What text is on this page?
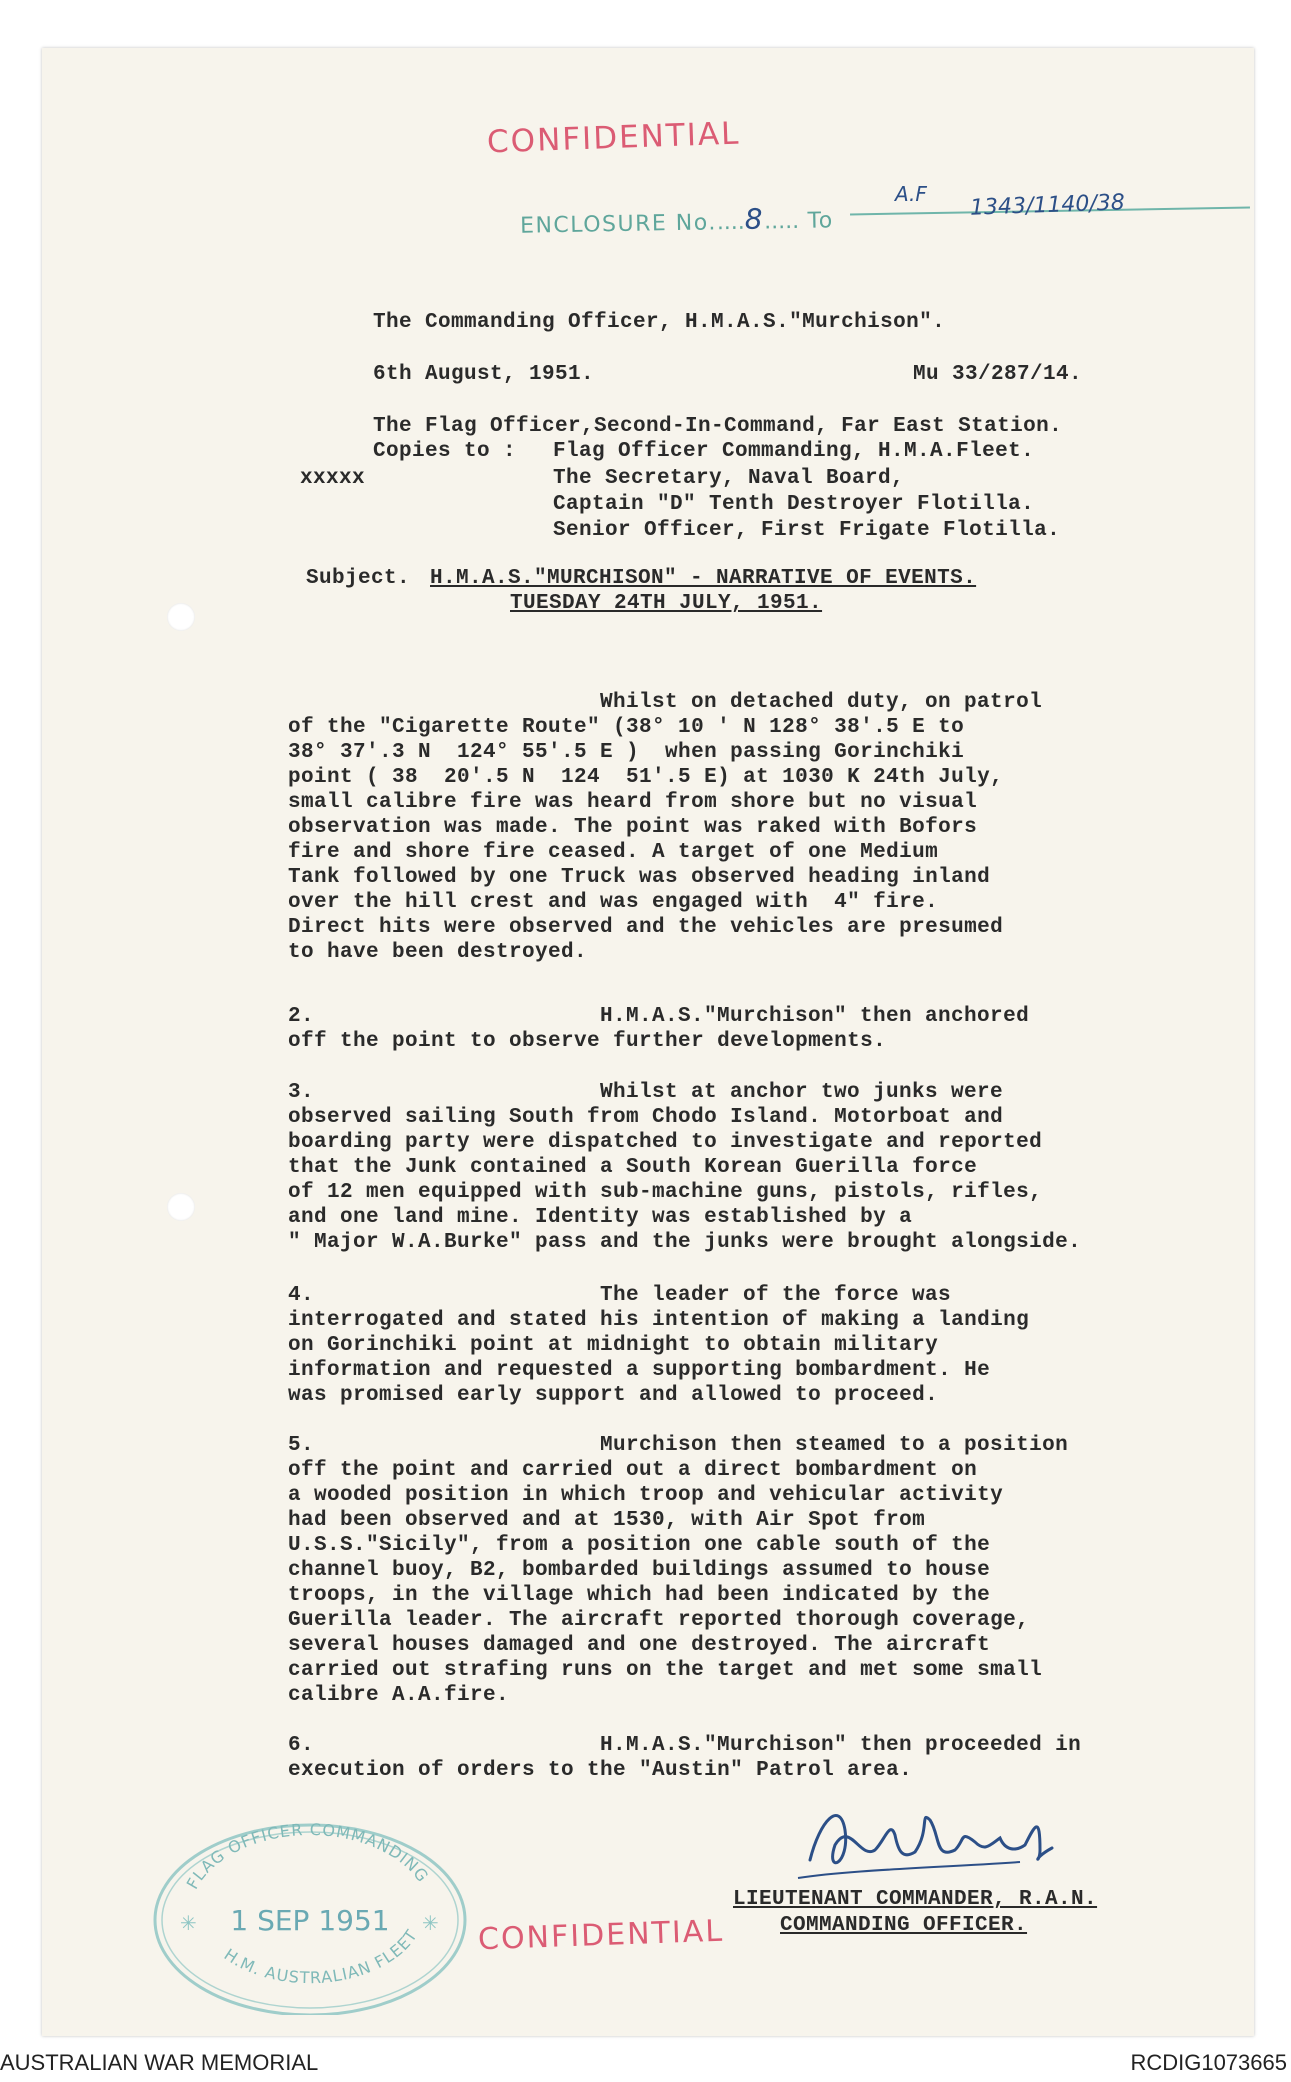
CONFIDENTIAL
ENCLOSURE No.....8..... To
A.F 1343/1140/38
The Commanding Officer, H.M.A.S."Murchison".
6th August, 1951.	Mu 33/287/14.
The Flag Officer,Second-In-Command, Far East Station.
Copies to : Flag Officer Commanding, H.M.A.Fleet.
xxxxx	The Secretary, Naval Board,
Captain "D" Tenth Destroyer Flotilla.
Senior Officer, First Frigate Flotilla.
Subject. H.M.A.S."MURCHISON" - NARRATIVE OF EVENTS.
TUESDAY 24TH JULY, 1951.
Whilst on detached duty, on patrol
of the "Cigarette Route" (38° 10 ' N 128° 38'.5 E to
38° 37'.3 N  124° 55'.5 E )  when passing Gorinchiki
point ( 38  20'.5 N  124  51'.5 E) at 1030 K 24th July,
small calibre fire was heard from shore but no visual
observation was made. The point was raked with Bofors
fire and shore fire ceased. A target of one Medium
Tank followed by one Truck was observed heading inland
over the hill crest and was engaged with  4" fire.
Direct hits were observed and the vehicles are presumed
to have been destroyed.
2.	H.M.A.S."Murchison" then anchored
off the point to observe further developments.
3.	Whilst at anchor two junks were
observed sailing South from Chodo Island. Motorboat and
boarding party were dispatched to investigate and reported
that the Junk contained a South Korean Guerilla force
of 12 men equipped with sub-machine guns, pistols, rifles,
and one land mine. Identity was established by a
" Major W.A.Burke" pass and the junks were brought alongside.
4.	The leader of the force was
interrogated and stated his intention of making a landing
on Gorinchiki point at midnight to obtain military
information and requested a supporting bombardment. He
was promised early support and allowed to proceed.
5.	Murchison then steamed to a position
off the point and carried out a direct bombardment on
a wooded position in which troop and vehicular activity
had been observed and at 1530, with Air Spot from
U.S.S."Sicily", from a position one cable south of the
channel buoy, B2, bombarded buildings assumed to house
troops, in the village which had been indicated by the
Guerilla leader. The aircraft reported thorough coverage,
several houses damaged and one destroyed. The aircraft
carried out strafing runs on the target and met some small
calibre A.A.fire.
6.	H.M.A.S."Murchison" then proceeded in
execution of orders to the "Austin" Patrol area.
LIEUTENANT COMMANDER, R.A.N.
COMMANDING OFFICER.
FLAG OFFICER COMMANDING
H.M. AUSTRALIAN FLEET
1 SEP 1951
✳	✳ CONFIDENTIAL
AUSTRALIAN WAR MEMORIAL	RCDIG1073665
